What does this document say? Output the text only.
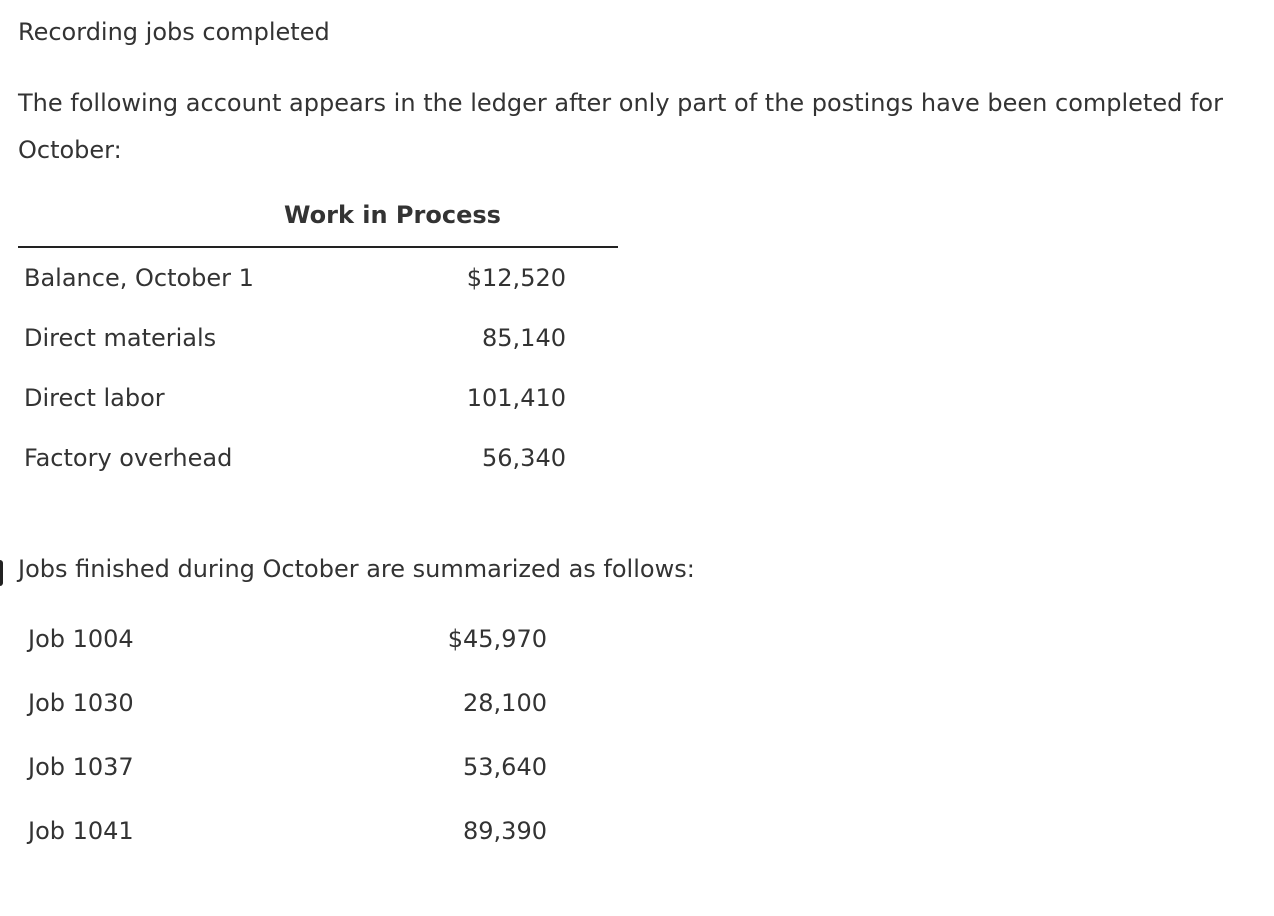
Recording jobs completed
The following account appears in the ledger after only part of the postings have been completed for October:
Work in Process
Balance, October 1	$12,520
Direct materials	85,140
Direct labor	101,410
Factory overhead	56,340
Jobs finished during October are summarized as follows:
Job 1004	$45,970
Job 1030	28,100
Job 1037	53,640
Job 1041	89,390
